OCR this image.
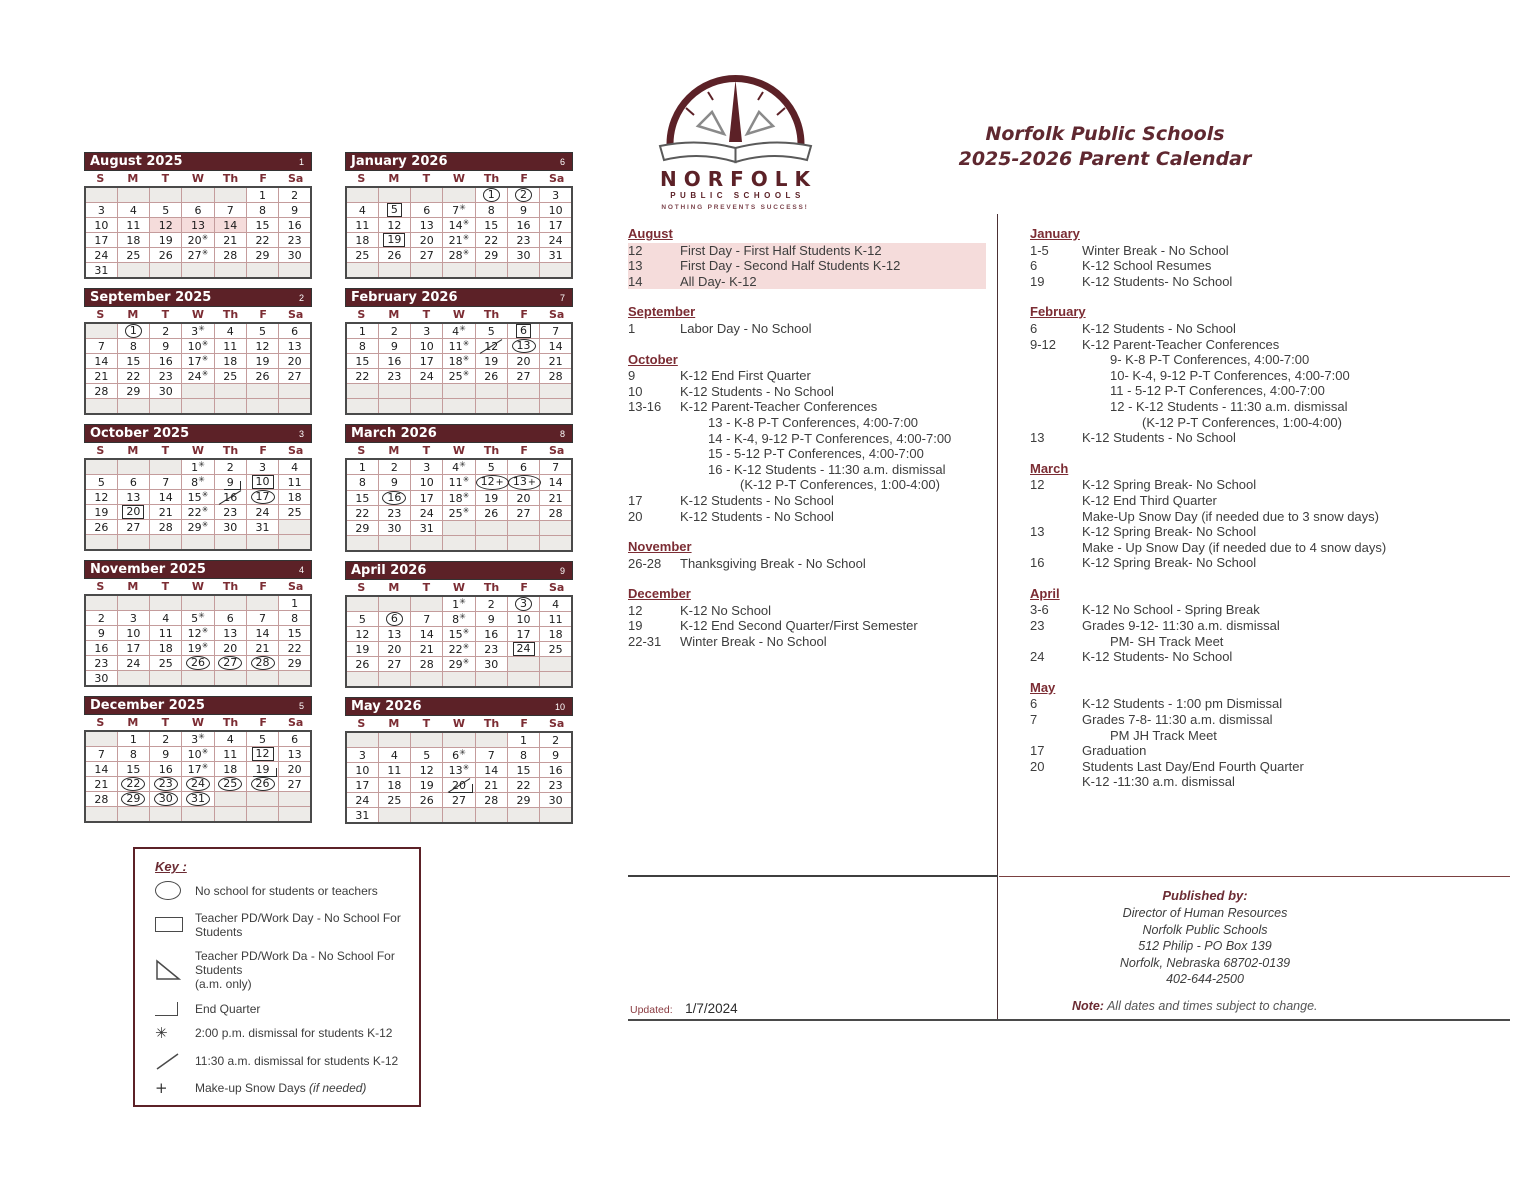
NORFOLK
PUBLIC SCHOOLS
NOTHING PREVENTS SUCCESS!
Norfolk Public Schools
2025-2026 Parent Calendar
August 2025	1
S	M	T	W	Th	F	Sa
					1	2
3	4	5	6	7	8	9
10	11	12	13	14	15	16
17	18	19	20✳	21	22	23
24	25	26	27✳	28	29	30
31						
September 2025	2
S	M	T	W	Th	F	Sa
	1	2	3✳	4	5	6
7	8	9	10✳	11	12	13
14	15	16	17✳	18	19	20
21	22	23	24✳	25	26	27
28	29	30				

October 2025	3
S	M	T	W	Th	F	Sa
			1✳	2	3	4
5	6	7	8✳	9	10	11
12	13	14	15✳	16	17	18
19	20	21	22✳	23	24	25
26	27	28	29✳	30	31	

November 2025	4
S	M	T	W	Th	F	Sa
						1
2	3	4	5✳	6	7	8
9	10	11	12✳	13	14	15
16	17	18	19✳	20	21	22
23	24	25	26	27	28	29
30						
December 2025	5
S	M	T	W	Th	F	Sa
	1	2	3✳	4	5	6
7	8	9	10✳	11	12	13
14	15	16	17✳	18	19	20
21	22	23	24	25	26	27
28	29	30	31			

January 2026	6
S	M	T	W	Th	F	Sa
				1	2	3
4	5	6	7✳	8	9	10
11	12	13	14✳	15	16	17
18	19	20	21✳	22	23	24
25	26	27	28✳	29	30	31

February 2026	7
S	M	T	W	Th	F	Sa
1	2	3	4✳	5	6	7
8	9	10	11✳	12	13	14
15	16	17	18✳	19	20	21
22	23	24	25✳	26	27	28

March 2026	8
S	M	T	W	Th	F	Sa
1	2	3	4✳	5	6	7
8	9	10	11✳	12+	13+	14
15	16	17	18✳	19	20	21
22	23	24	25✳	26	27	28
29	30	31				

April 2026	9
S	M	T	W	Th	F	Sa
			1✳	2	3	4
5	6	7	8✳	9	10	11
12	13	14	15✳	16	17	18
19	20	21	22✳	23	24	25
26	27	28	29✳	30		

May 2026	10
S	M	T	W	Th	F	Sa
					1	2
3	4	5	6✳	7	8	9
10	11	12	13✳	14	15	16
17	18	19	20	21	22	23
24	25	26	27	28	29	30
31						
August
12	First Day - First Half Students K-12
13	First Day - Second Half Students K-12
14	All Day- K-12
September
1	Labor Day - No School
October
9	K-12 End First Quarter
10	K-12 Students - No School
13-16	K-12 Parent-Teacher Conferences
13 - K-8 P-T Conferences, 4:00-7:00
14 - K-4, 9-12 P-T Conferences, 4:00-7:00
15 - 5-12 P-T Conferences, 4:00-7:00
16 - K-12 Students - 11:30 a.m. dismissal
(K-12 P-T Conferences, 1:00-4:00)
17	K-12 Students - No School
20	K-12 Students - No School
November
26-28	Thanksgiving Break - No School
December
12	K-12 No School
19	K-12 End Second Quarter/First Semester
22-31	Winter Break - No School
January
1-5	Winter Break - No School
6	K-12 School Resumes
19	K-12 Students- No School
February
6	K-12 Students - No School
9-12	K-12 Parent-Teacher Conferences
9- K-8 P-T Conferences, 4:00-7:00
10- K-4, 9-12 P-T Conferences, 4:00-7:00
11 - 5-12 P-T Conferences, 4:00-7:00
12 - K-12 Students - 11:30 a.m. dismissal
(K-12 P-T Conferences, 1:00-4:00)
13	K-12 Students - No School
March
12	K-12 Spring Break- No School
K-12 End Third Quarter
Make-Up Snow Day (if needed due to 3 snow days)
13	K-12 Spring Break- No School
Make - Up Snow Day (if needed due to 4 snow days)
16	K-12 Spring Break- No School
April
3-6	K-12 No School - Spring Break
23	Grades 9-12- 11:30 a.m. dismissal
PM- SH Track Meet
24	K-12 Students- No School
May
6	K-12 Students - 1:00 pm Dismissal
7	Grades 7-8- 11:30 a.m. dismissal
PM JH Track Meet
17	Graduation
20	Students Last Day/End Fourth Quarter
K-12 -11:30 a.m. dismissal
Key :
No school for students or teachers
Teacher PD/Work Day - No School For Students
Teacher PD/Work Da - No School For Students
(a.m. only)
End Quarter
✳ 2:00 p.m. dismissal for students K-12
11:30 a.m. dismissal for students K-12
+ Make-up Snow Days (if needed)
Updated: 1/7/2024
Published by:
Director of Human Resources
Norfolk Public Schools
512 Philip - PO Box 139
Norfolk, Nebraska 68702-0139
402-644-2500
Note: All dates and times subject to change.
